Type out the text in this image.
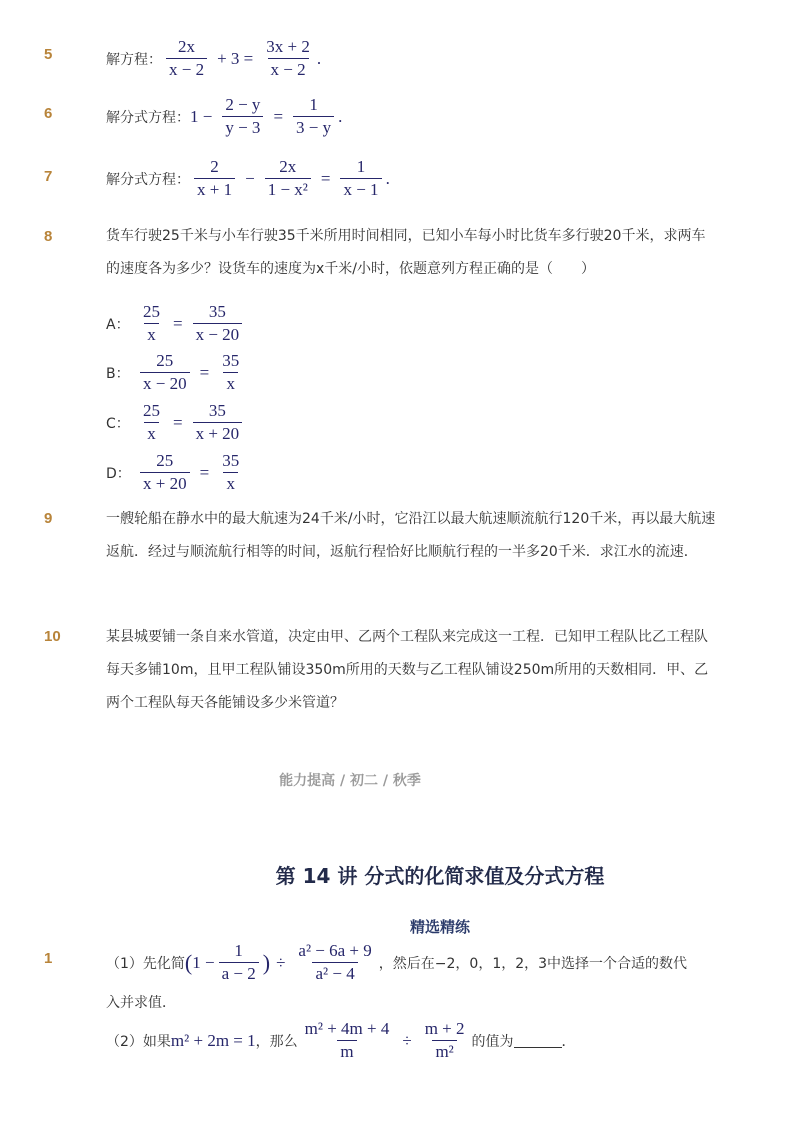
5	解方程： $\frac{2x}{x - 2} + 3 = \frac{3x + 2}{x - 2}$ .
6	解分式方程： $1 - \frac{2 - y}{y - 3} = \frac{1}{3 - y}$ .
7	解分式方程： $\frac{2}{x + 1} - \frac{2x}{\text{1 − x²}} = \frac{1}{x - 1}$ .
8	货车行驶25千米与小车行驶35千米所用时间相同，已知小车每小时比货车多行驶20千米，求两车的速度各为多少？设货车的速度为x千米/小时，依题意列方程正确的是（　　）
A： $\frac{25}{x} = \frac{35}{x - 20}$
B： $\frac{25}{x - 20} = \frac{35}{x}$
C： $\frac{25}{x} = \frac{35}{x + 20}$
D： $\frac{25}{x + 20} = \frac{35}{x}$
9	一艘轮船在静水中的最大航速为24千米/小时，它沿江以最大航速顺流航行120千米，再以最大航速返航．经过与顺流航行相等的时间，返航行程恰好比顺航行程的一半多20千米．求江水的流速．
10	某县城要铺一条自来水管道，决定由甲、乙两个工程队来完成这一工程．已知甲工程队比乙工程队每天多铺10m，且甲工程队铺设350m所用的天数与乙工程队铺设250m所用的天数相同．甲、乙两个工程队每天各能铺设多少米管道？
能力提高 / 初二 / 秋季
第 14 讲 分式的化简求值及分式方程
精选精练
1	（1）先化简 ( $1 - \frac{1}{a - 2}$ ) ÷ $\frac{\text{a² − 6a + 9}}{\text{a² − 4}}$ ，然后在−2，0，1，2，3中选择一个合适的数代
入并求值．
（2）如果 m² + 2m = 1 ，那么 $\frac{\text{m² + 4m + 4}}{m} \div \frac{m + 2}{\text{m²}}$ 的值为	．
